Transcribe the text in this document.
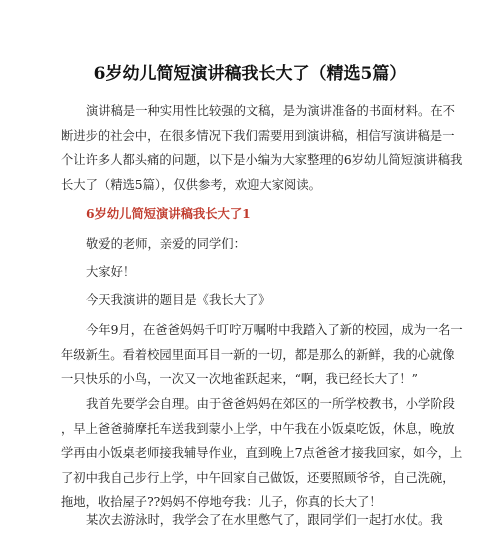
6岁幼儿简短演讲稿我长大了（精选5篇）
演讲稿是一种实用性比较强的文稿，是为演讲准备的书面材料。在不
断进步的社会中，在很多情况下我们需要用到演讲稿，相信写演讲稿是一
个让许多人都头痛的问题，以下是小编为大家整理的6岁幼儿简短演讲稿我
长大了（精选5篇），仅供参考，欢迎大家阅读。
6岁幼儿简短演讲稿我长大了1
敬爱的老师，亲爱的同学们：
大家好！
今天我演讲的题目是《我长大了》
今年9月，在爸爸妈妈千叮咛万嘱咐中我踏入了新的校园，成为一名一
年级新生。看着校园里面耳目一新的一切，都是那么的新鲜，我的心就像
一只快乐的小鸟，一次又一次地雀跃起来，“啊，我已经长大了！”
我首先要学会自理。由于爸爸妈妈在郊区的一所学校教书，小学阶段
，早上爸爸骑摩托车送我到蒙小上学，中午我在小饭桌吃饭，休息，晚放
学再由小饭桌老师接我辅导作业，直到晚上7点爸爸才接我回家，如今，上
了初中我自己步行上学，中午回家自己做饭，还要照顾爷爷，自己洗碗，
拖地，收拾屋子??妈妈不停地夸我：儿子，你真的长大了！
某次去游泳时，我学会了在水里憋气了，跟同学们一起打水仗。我
